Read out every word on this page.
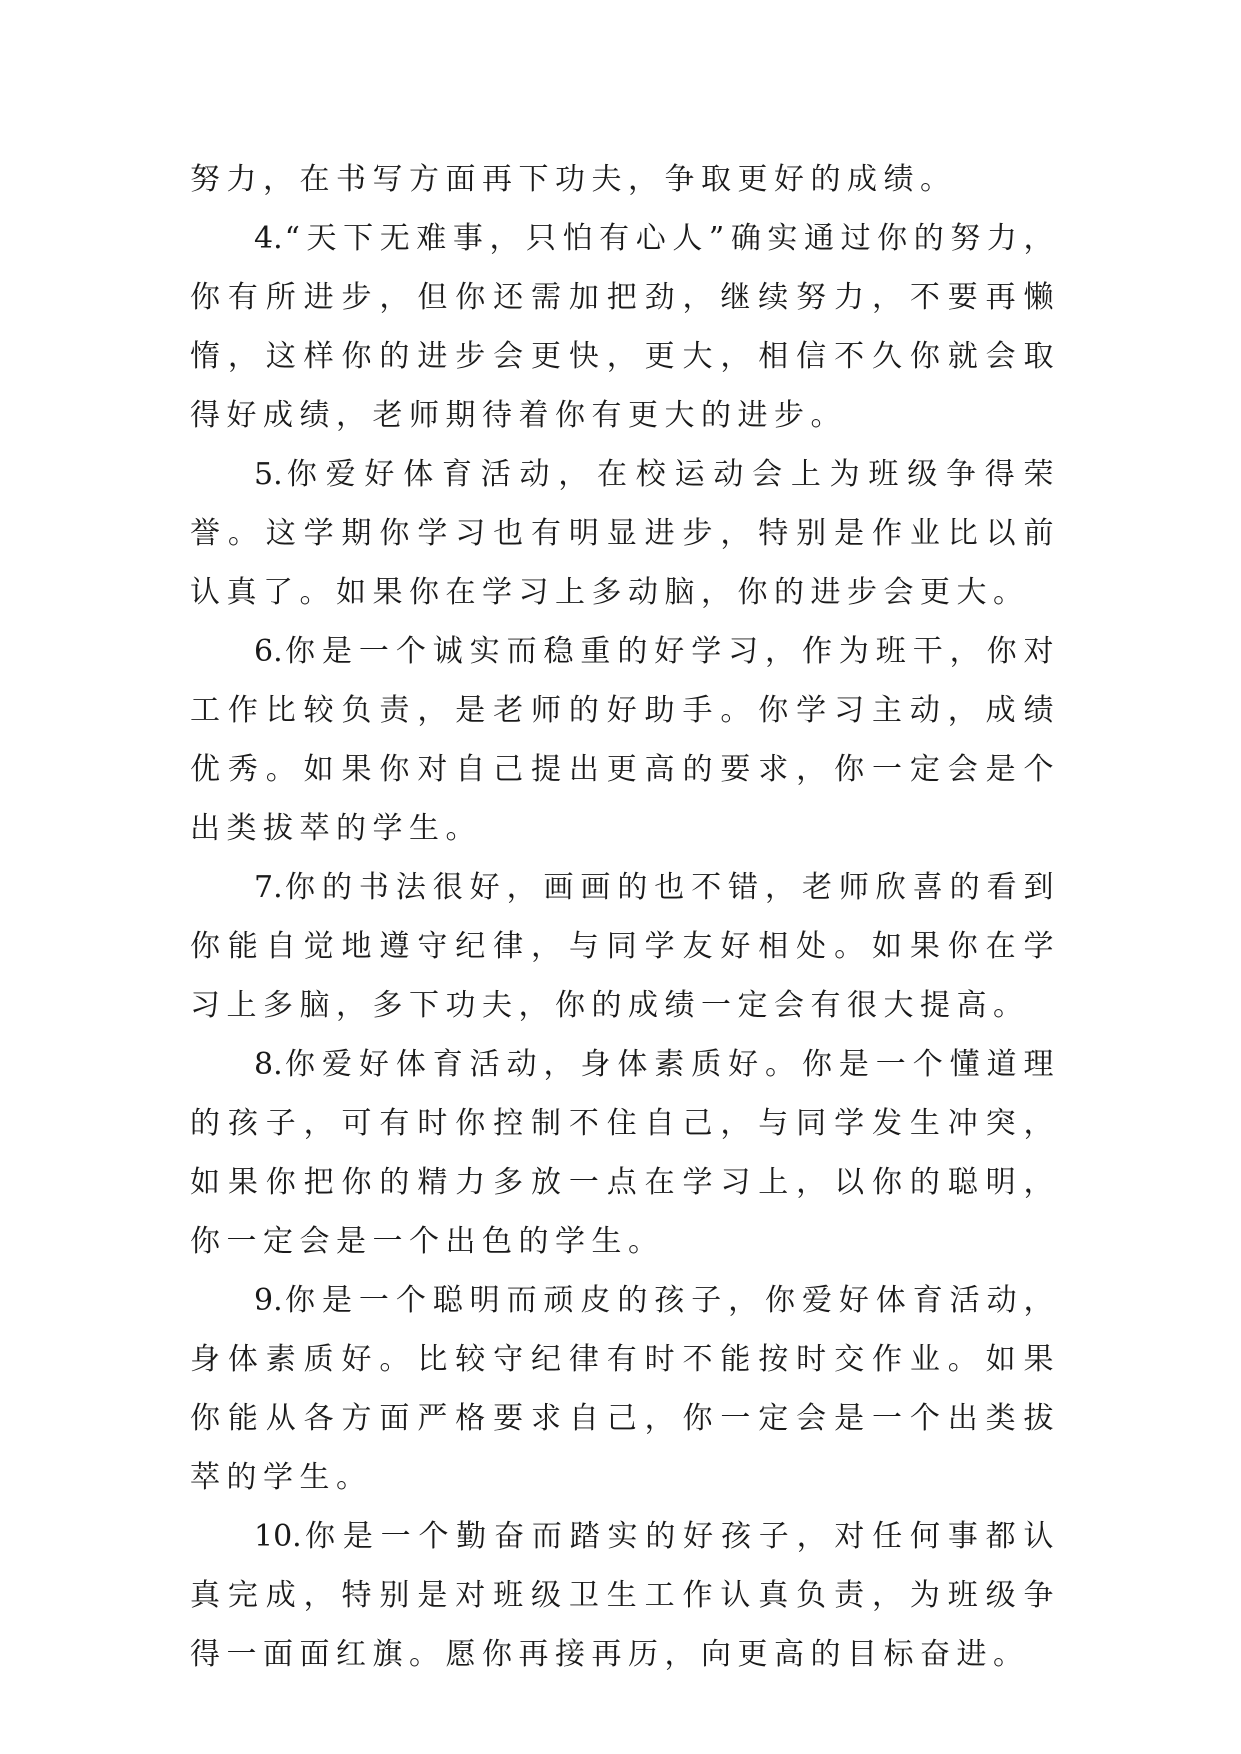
努力，在书写方面再下功夫，争取更好的成绩。

4.“天下无难事，只怕有心人”确实通过你的努力，你有所进步，但你还需加把劲，继续努力，不要再懒惰，这样你的进步会更快，更大，相信不久你就会取得好成绩，老师期待着你有更大的进步。

5.你爱好体育活动，在校运动会上为班级争得荣誉。这学期你学习也有明显进步，特别是作业比以前认真了。如果你在学习上多动脑，你的进步会更大。

6.你是一个诚实而稳重的好学习，作为班干，你对工作比较负责，是老师的好助手。你学习主动，成绩优秀。如果你对自己提出更高的要求，你一定会是个出类拔萃的学生。

7.你的书法很好，画画的也不错，老师欣喜的看到你能自觉地遵守纪律，与同学友好相处。如果你在学习上多脑，多下功夫，你的成绩一定会有很大提高。

8.你爱好体育活动，身体素质好。你是一个懂道理的孩子，可有时你控制不住自己，与同学发生冲突，如果你把你的精力多放一点在学习上，以你的聪明，你一定会是一个出色的学生。

9.你是一个聪明而顽皮的孩子，你爱好体育活动，身体素质好。比较守纪律有时不能按时交作业。如果你能从各方面严格要求自己，你一定会是一个出类拔萃的学生。

10.你是一个勤奋而踏实的好孩子，对任何事都认真完成，特别是对班级卫生工作认真负责，为班级争得一面面红旗。愿你再接再历，向更高的目标奋进。
